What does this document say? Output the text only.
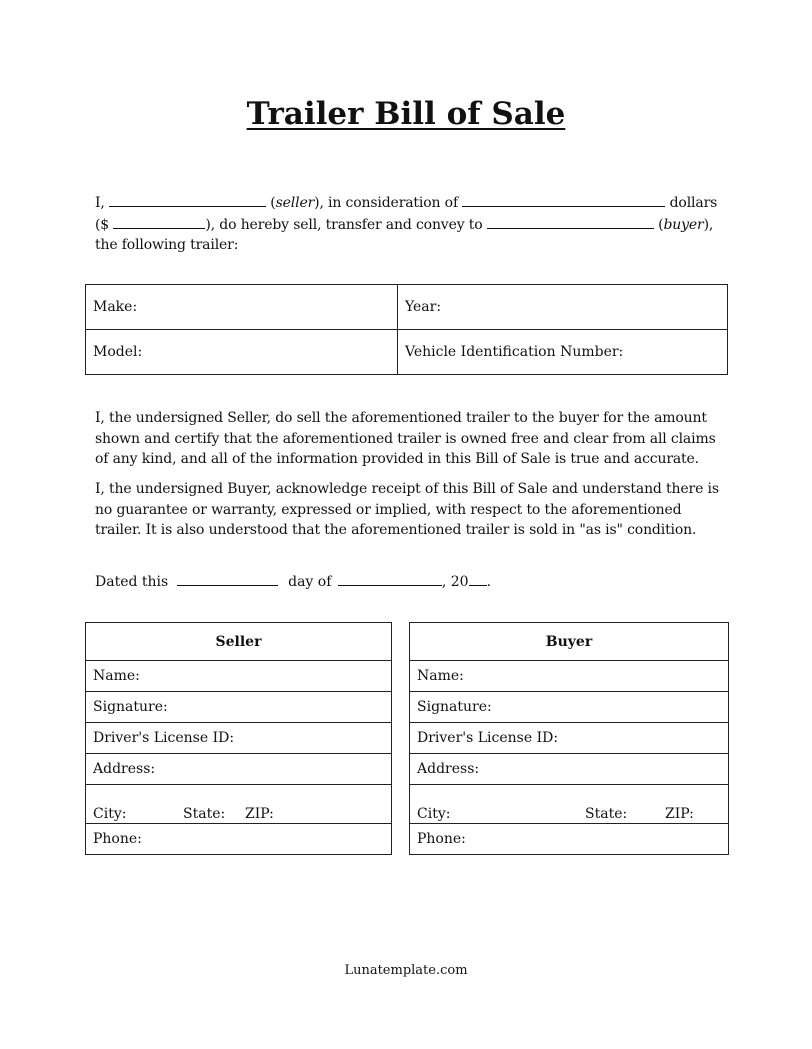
Trailer Bill of Sale
I,	(seller), in consideration of	dollars
($	), do hereby sell, transfer and convey to	(buyer),
the following trailer:
Make:	Year:
Model:	Vehicle Identification Number:
I, the undersigned Seller, do sell the aforementioned trailer to the buyer for the amount shown and certify that the aforementioned trailer is owned free and clear from all claims of any kind, and all of the information provided in this Bill of Sale is true and accurate.
I, the undersigned Buyer, acknowledge receipt of this Bill of Sale and understand there is no guarantee or warranty, expressed or implied, with respect to the aforementioned trailer. It is also understood that the aforementioned trailer is sold in "as is" condition.
Dated this	day of	, 20 .
Seller
Name:
Signature:
Driver's License ID:
Address:
City:	State: ZIP:
Phone:
Buyer
Name:
Signature:
Driver's License ID:
Address:
City:	State:	ZIP:
Phone:
Lunatemplate.com
